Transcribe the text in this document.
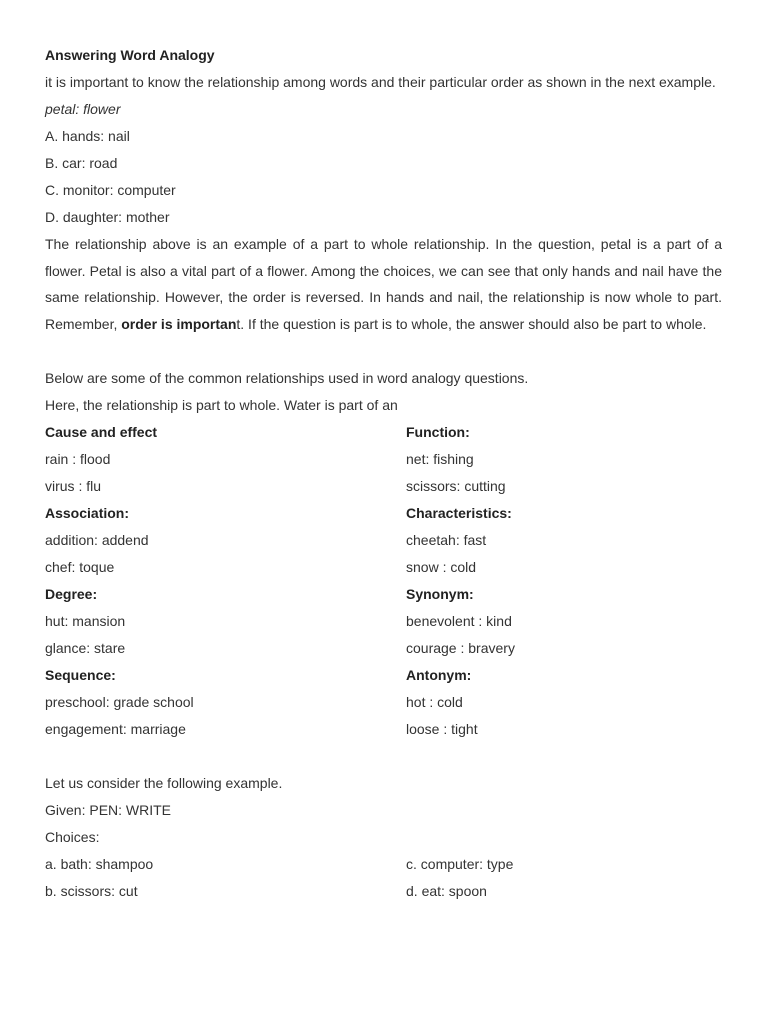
Answering Word Analogy
it is important to know the relationship among words and their particular order as shown in the next example.
petal: flower
A. hands: nail
B. car: road
C. monitor: computer
D. daughter: mother
The relationship above is an example of a part to whole relationship. In the question, petal is a part of a flower. Petal is also a vital part of a flower. Among the choices, we can see that only hands and nail have the same relationship. However, the order is reversed. In hands and nail, the relationship is now whole to part. Remember, order is important. If the question is part is to whole, the answer should also be part to whole.
Below are some of the common relationships used in word analogy questions.
Here, the relationship is part to whole. Water is part of an
Cause and effect
rain : flood
virus : flu
Association:
addition: addend
chef: toque
Degree:
hut: mansion
glance: stare
Sequence:
preschool: grade school
engagement: marriage
Function:
net: fishing
scissors: cutting
Characteristics:
cheetah: fast
snow : cold
Synonym:
benevolent : kind
courage : bravery
Antonym:
hot : cold
loose : tight
Let us consider the following example.
Given: PEN: WRITE
Choices:
a. bath: shampoo	c. computer: type
b. scissors: cut	d. eat: spoon
